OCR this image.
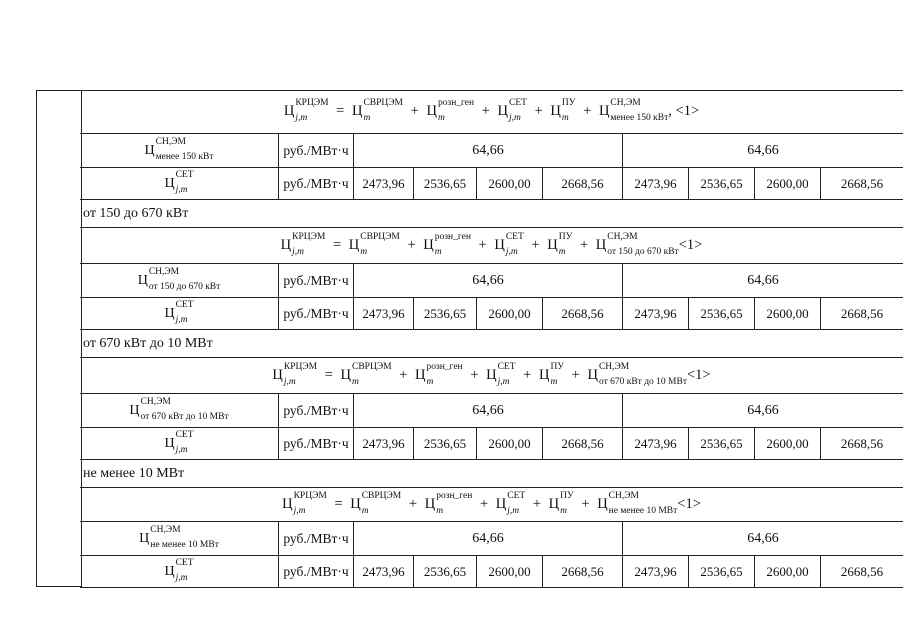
Ц КРЦЭМ
j,m	= Ц СВРЦЭМ
m	+ Ц розн_ген
m	+ Ц СЕТ
j,m + Ц ПУ
m + Ц СН,ЭМ
менее 150 кВт , <1>
Ц
СН,ЭМ
менее 150 кВт	руб./МВт·ч	64,66	64,66
Ц
СЕТ
j,m	руб./МВт·ч	2473,96	2536,65	2600,00	2668,56	2473,96	2536,65	2600,00	2668,56
от 150 до 670 кВт
Ц КРЦЭМ
j,m	= Ц СВРЦЭМ
m	+ Ц розн_ген
m	+ Ц СЕТ
j,m + Ц ПУ
m + Ц СН,ЭМ
от 150 до 670 кВт <1>
Ц
СН,ЭМ
от 150 до 670 кВт	руб./МВт·ч	64,66	64,66
Ц
СЕТ
j,m	руб./МВт·ч	2473,96	2536,65	2600,00	2668,56	2473,96	2536,65	2600,00	2668,56
от 670 кВт до 10 МВт
Ц КРЦЭМ
j,m	= Ц СВРЦЭМ
m	+ Ц розн_ген
m	+ Ц СЕТ
j,m + Ц ПУ
m + Ц СН,ЭМ
от 670 кВт до 10 МВт <1>
Ц
СН,ЭМ
от 670 кВт до 10 МВт	руб./МВт·ч	64,66	64,66
Ц
СЕТ
j,m	руб./МВт·ч	2473,96	2536,65	2600,00	2668,56	2473,96	2536,65	2600,00	2668,56
не менее 10 МВт
Ц КРЦЭМ
j,m	= Ц СВРЦЭМ
m	+ Ц розн_ген
m	+ Ц СЕТ
j,m + Ц ПУ
m + Ц СН,ЭМ
не менее 10 МВт <1>
Ц
СН,ЭМ
не менее 10 МВт	руб./МВт·ч	64,66	64,66
Ц
СЕТ
j,m	руб./МВт·ч	2473,96	2536,65	2600,00	2668,56	2473,96	2536,65	2600,00	2668,56
